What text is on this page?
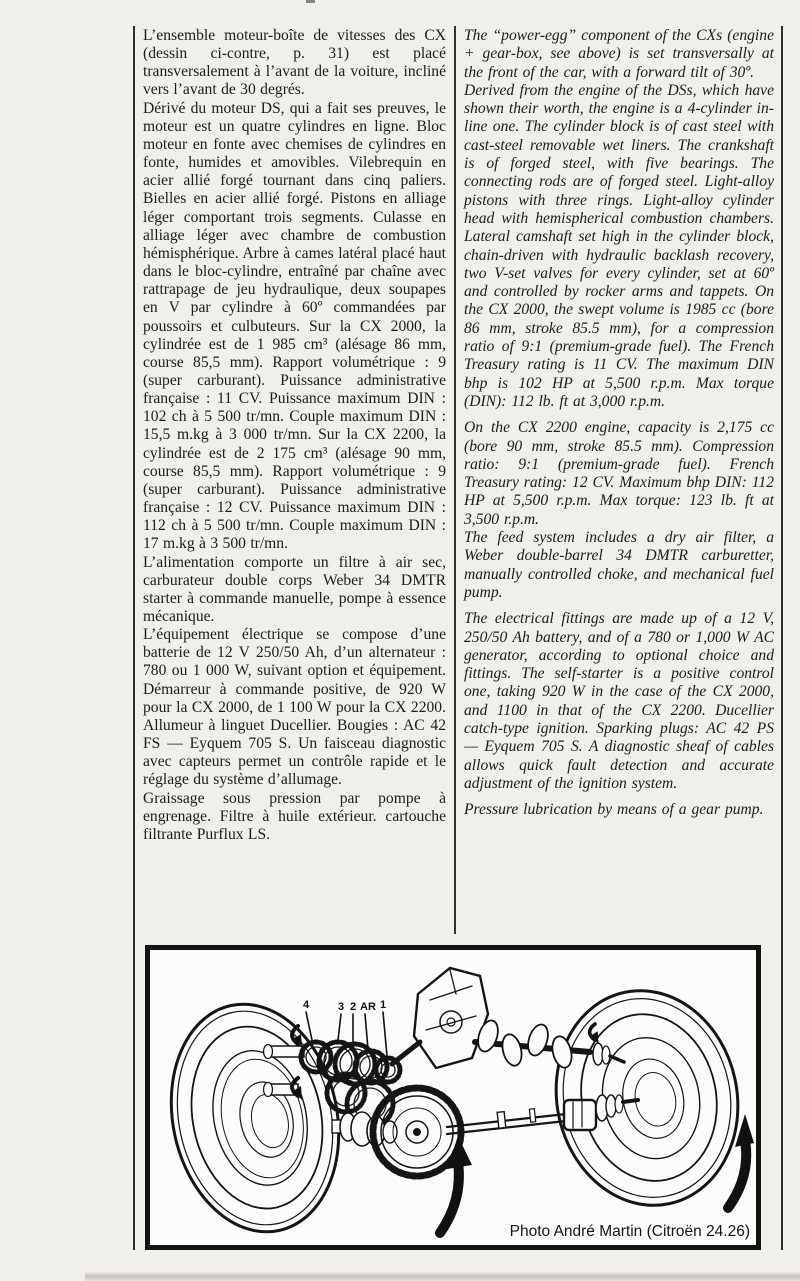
L’ensemble moteur-boîte de vitesses des CX (dessin ci-contre, p. 31) est placé transversalement à l’avant de la voiture, incliné vers l’avant de 30 degrés.

Dérivé du moteur DS, qui a fait ses preuves, le moteur est un quatre cylindres en ligne. Bloc moteur en fonte avec chemises de cylindres en fonte, humides et amovibles. Vilebrequin en acier allié forgé tournant dans cinq paliers. Bielles en acier allié forgé. Pistons en alliage léger comportant trois segments. Culasse en alliage léger avec chambre de combustion hémisphérique. Arbre à cames latéral placé haut dans le bloc-cylindre, entraîné par chaîne avec rattrapage de jeu hydraulique, deux soupapes en V par cylindre à 60º commandées par poussoirs et culbuteurs. Sur la CX 2000, la cylindrée est de 1 985 cm³ (alésage 86 mm, course 85,5 mm). Rapport volumétrique : 9 (super carburant). Puissance administrative française : 11 CV. Puissance maximum DIN : 102 ch à 5 500 tr/mn. Couple maximum DIN : 15,5 m.kg à 3 000 tr/mn. Sur la CX 2200, la cylindrée est de 2 175 cm³ (alésage 90 mm, course 85,5 mm). Rapport volumétrique : 9 (super carburant). Puissance administrative française : 12 CV. Puissance maximum DIN : 112 ch à 5 500 tr/mn. Couple maximum DIN : 17 m.kg à 3 500 tr/mn.

L’alimentation comporte un filtre à air sec, carburateur double corps Weber 34 DMTR starter à commande manuelle, pompe à essence mécanique.

L’équipement électrique se compose d’une batterie de 12 V 250/50 Ah, d’un alternateur : 780 ou 1 000 W, suivant option et équipement. Démarreur à commande positive, de 920 W pour la CX 2000, de 1 100 W pour la CX 2200. Allumeur à linguet Ducellier. Bougies : AC 42 FS — Eyquem 705 S. Un faisceau diagnostic avec capteurs permet un contrôle rapide et le réglage du système d’allumage.

Graissage sous pression par pompe à engrenage. Filtre à huile extérieur. cartouche filtrante Purflux LS.

The “power-egg” component of the CXs (engine + gear-box, see above) is set transversally at the front of the car, with a forward tilt of 30º.

Derived from the engine of the DSs, which have shown their worth, the engine is a 4-cylinder in-line one. The cylinder block is of cast steel with cast-steel removable wet liners. The crankshaft is of forged steel, with five bearings. The connecting rods are of forged steel. Light-alloy pistons with three rings. Light-alloy cylinder head with hemispherical combustion chambers. Lateral camshaft set high in the cylinder block, chain-driven with hydraulic backlash recovery, two V-set valves for every cylinder, set at 60º and controlled by rocker arms and tappets. On the CX 2000, the swept volume is 1985 cc (bore 86 mm, stroke 85.5 mm), for a compression ratio of 9:1 (premium-grade fuel). The French Treasury rating is 11 CV. The maximum DIN bhp is 102 HP at 5,500 r.p.m. Max torque (DIN): 112 lb. ft at 3,000 r.p.m.

On the CX 2200 engine, capacity is 2,175 cc (bore 90 mm, stroke 85.5 mm). Compression ratio: 9:1 (premium-grade fuel). French Treasury rating: 12 CV. Maximum bhp DIN: 112 HP at 5,500 r.p.m. Max torque: 123 lb. ft at 3,500 r.p.m.

The feed system includes a dry air filter, a Weber double-barrel 34 DMTR carburetter, manually controlled choke, and mechanical fuel pump.

The electrical fittings are made up of a 12 V, 250/50 Ah battery, and of a 780 or 1,000 W AC generator, according to optional choice and fittings. The self-starter is a positive control one, taking 920 W in the case of the CX 2000, and 1100 in that of the CX 2200. Ducellier catch-type ignition. Sparking plugs: AC 42 PS — Eyquem 705 S. A diagnostic sheaf of cables allows quick fault detection and accurate adjustment of the ignition system.

Pressure lubrication by means of a gear pump.

4	3 2 AR 1
Photo André Martin (Citroën 24.26)
